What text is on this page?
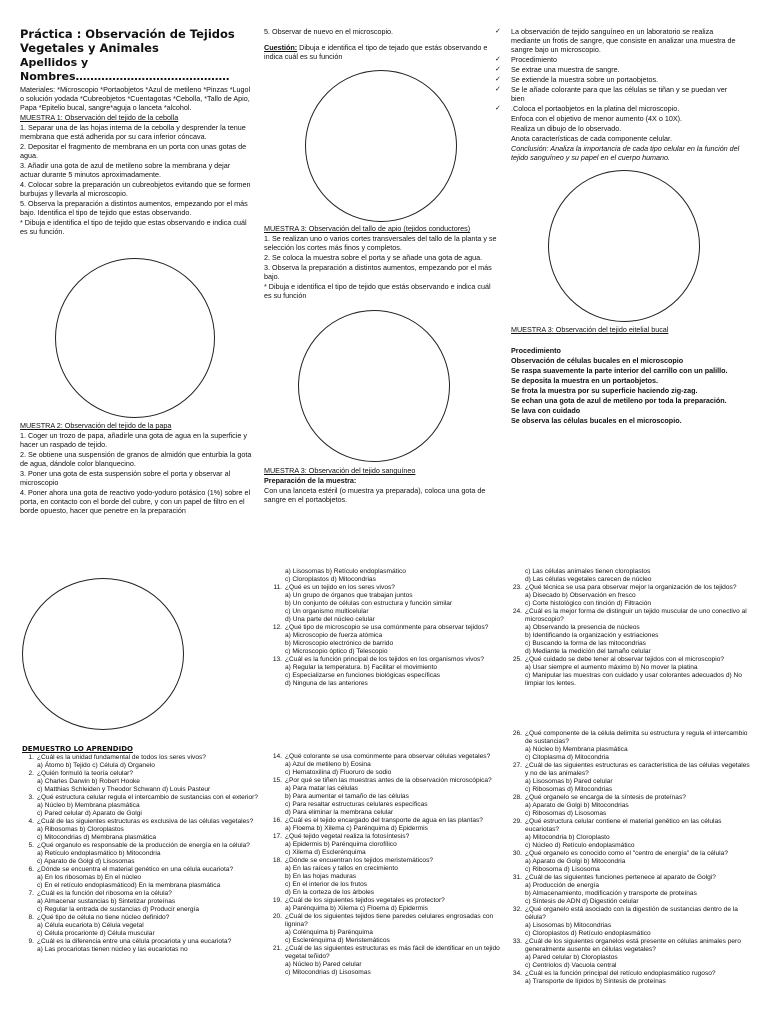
Práctica : Observación de Tejidos Vegetales y Animales

Apellidos y Nombres……………………………………

Materiales: *Microscopio *Portaobjetos *Azul de metileno *Pinzas *Lugol o solución yodada *Cubreobjetos *Cuentagotas *Cebolla, *Tallo de Apio, Papa *Epitelio bucal, sangre*aguja o lanceta *alcohol.

MUESTRA 1: Observación del tejido de la cebolla

1. Separar una de las hojas interna de la cebolla y desprender la tenue membrana que está adherida por su cara inferior cóncava.

2. Depositar el fragmento de membrana en un porta con unas gotas de agua.

3. Añadir una gota de azul de metileno sobre la membrana y dejar actuar durante 5 minutos aproximadamente.

4. Colocar sobre la preparación un cubreobjetos evitando que se formen burbujas y llevarla al microscopio.

5. Observa la preparación a distintos aumentos, empezando por el más bajo. Identifica el tipo de tejido que estas observando.

* Dibuja e identifica el tipo de tejido que estas observando e indica cuál es su función.

MUESTRA 2: Observación del tejido de la papa

1. Coger un trozo de papa, añadirle una gota de agua en la superficie y hacer un raspado de tejido.

2. Se obtiene una suspensión de granos de almidón que enturbia la gota de agua, dándole color blanquecino.

3. Poner una gota de esta suspensión sobre el porta y observar al microscopio

4. Poner ahora una gota de reactivo yodo-yoduro potásico (1%) sobre el porta, en contacto con el borde del cubre, y con un papel de filtro en el borde opuesto, hacer que penetre en la preparación

5. Observar de nuevo en el microscopio.

Cuestión: Dibuja e identifica el tipo de tejado que estás observando e indica cuál es su función

MUESTRA 3: Observación del tallo de apio (tejidos conductores)

1. Se realizan uno o varios cortes transversales del tallo de la planta y se selección los cortes más finos y completos.

2. Se coloca la muestra sobre el porta y se añade una gota de agua.

3. Observa la preparación a distintos aumentos, empezando por el más bajo.

* Dibuja e identifica el tipo de tejido que estás observando e indica cuál es su función

MUESTRA 3: Observación del tejido sanguíneo

Preparación de la muestra:

Con una lanceta estéril (o muestra ya preparada), coloca una gota de sangre en el portaobjetos.

✓ La observación de tejido sanguíneo en un laboratorio se realiza mediante un frotis de sangre, que consiste en analizar una muestra de sangre bajo un microscopio.

✓ Procedimiento

✓ Se extrae una muestra de sangre.

✓ Se extiende la muestra sobre un portaobjetos.

✓ Se le añade colorante para que las células se tiñan y se puedan ver bien

✓ .Coloca el portaobjetos en la platina del microscopio.

Enfoca con el objetivo de menor aumento (4X o 10X).

Realiza un dibujo de lo observado.

Anota características de cada componente celular.

Conclusión: Analiza la importancia de cada tipo celular en la función del tejido sanguíneo y su papel en el cuerpo humano.

MUESTRA 3: Observación del tejido eitelial bucal

Procedimiento

Observación de células bucales en el microscopio

Se raspa suavemente la parte interior del carrillo con un palillo.

Se deposita la muestra en un portaobjetos.

Se frota la muestra por su superficie haciendo zig-zag.

Se echan una gota de azul de metileno por toda la preparación.

Se lava con cuidado

Se observa las células bucales en el microscopio.

DEMUESTRO LO APRENDIDO

1. ¿Cuál es la unidad fundamental de todos los seres vivos?

a) Átomo b) Tejido c) Célula d) Organelo

2. ¿Quién formuló la teoría celular?

a) Charles Darwin b) Robert Hooke

c) Matthias Schleiden y Theodor Schwann d) Louis Pasteur

3. ¿Qué estructura celular regula el intercambio de sustancias con el exterior?

a) Núcleo b) Membrana plasmática

c) Pared celular d) Aparato de Golgi

4. ¿Cuál de las siguientes estructuras es exclusiva de las células vegetales?

a) Ribosomas b) Cloroplastos

c) Mitocondrias d) Membrana plasmática

5. ¿Qué organulo es responsable de la producción de energía en la célula?

a) Retículo endoplasmático b) Mitocondria

c) Aparato de Golgi d) Lisosomas

6. ¿Dónde se encuentra el material genético en una célula eucariota?

a) En los ribosomas b) En el núcleo

c) En el retículo endoplasmáticod) En la membrana plasmática

7. ¿Cuál es la función del ribosoma en la célula?

a) Almacenar sustancias b) Sintetizar proteínas

c) Regular la entrada de sustancias d) Producir energía

8. ¿Qué tipo de célula no tiene núcleo definido?

a) Célula eucariota b) Célula vegetal

c) Célula procarionte d) Célula muscular

9. ¿Cuál es la diferencia entre una célula procariota y una eucariota?

a) Las procariotas tienen núcleo y las eucariotas no

a) Lisosomas b) Retículo endoplasmático

c) Cloroplastos d) Mitocondrias

11. ¿Qué es un tejido en los seres vivos?

a) Un grupo de órganos que trabajan juntos

b) Un conjunto de células con estructura y función similar

c) Un organismo multicelular

d) Una parte del núcleo celular

12. ¿Qué tipo de microscopio se usa comúnmente para observar tejidos?

a) Microscopio de fuerza atómica

b) Microscopio electrónico de barrido

c) Microscopio óptico d) Telescopio

13. ¿Cuál es la función principal de los tejidos en los organismos vivos?

a) Regular la temperatura. b) Facilitar el movimiento

c) Especializarse en funciones biológicas específicas

d) Ninguna de las anteriores

14. ¿Qué colorante se usa comúnmente para observar células vegetales?

a) Azul de metileno b) Eosina

c) Hematoxilina d) Fluoruro de sodio

15. ¿Por qué se tiñen las muestras antes de la observación microscópica?

a) Para matar las células

b) Para aumentar el tamaño de las células

c) Para resaltar estructuras celulares específicas

d) Para eliminar la membrana celular

16. ¿Cuál es el tejido encargado del transporte de agua en las plantas?

a) Floema b) Xilema c) Parénquima d) Epidermis

17. ¿Qué tejido vegetal realiza la fotosíntesis?

a) Epidermis b) Parénquima clorofílico

c) Xilema d) Esclerénquima

18. ¿Dónde se encuentran los tejidos meristemáticos?

a) En las raíces y tallos en crecimiento

b) En las hojas maduras

c) En el interior de los frutos

d) En la corteza de los árboles

19. ¿Cuál de los siguientes tejidos vegetales es protector?

a) Parénquima b) Xilema c) Floema d) Epidermis

20. ¿Cuál de los siguientes tejidos tiene paredes celulares engrosadas con lignina?

a) Colénquima b) Parénquima

c) Esclerénquima d) Meristemáticos

21. ¿Cuál de las siguientes estructuras es más fácil de identificar en un tejido vegetal teñido?

a) Núcleo b) Pared celular

c) Mitocondrias d) Lisosomas

c) Las células animales tienen cloroplastos

d) Las células vegetales carecen de núcleo

23. ¿Qué técnica se usa para observar mejor la organización de los tejidos?

a) Disecado b) Observación en fresco

c) Corte histológico con tinción d) Filtración

24. ¿Cuál es la mejor forma de distinguir un tejido muscular de uno conectivo al microscopio?

a) Observando la presencia de núcleos

b) Identificando la organización y estriaciones

c) Buscando la forma de las mitocondrias

d) Mediante la medición del tamaño celular

25. ¿Qué cuidado se debe tener al observar tejidos con el microscopio?

a) Usar siempre el aumento máximo b) No mover la platina

c) Manipular las muestras con cuidado y usar colorantes adecuados d) No limpiar los lentes.

26. ¿Qué componente de la célula delimita su estructura y regula el intercambio de sustancias?

a) Núcleo b) Membrana plasmática

c) Citoplasma d) Mitocondria

27. ¿Cuál de las siguientes estructuras es característica de las células vegetales y no de las animales?

a) Lisosomas b) Pared celular

c) Ribosomas d) Mitocondrias

28. ¿Qué organelo se encarga de la síntesis de proteínas?

a) Aparato de Golgi b) Mitocondrias

c) Ribosomas d) Lisosomas

29. ¿Qué estructura celular contiene el material genético en las células eucariotas?

a) Mitocondria b) Cloroplasto

c) Núcleo d) Retículo endoplasmático

30. ¿Qué organelo es conocido como el "centro de energía" de la célula?

a) Aparato de Golgi b) Mitocondria

c) Ribosoma d) Lisosoma

31. ¿Cuál de las siguientes funciones pertenece al aparato de Golgi?

a) Producción de energía

b) Almacenamiento, modificación y transporte de proteínas

c) Síntesis de ADN d) Digestión celular

32. ¿Qué organelo está asociado con la digestión de sustancias dentro de la célula?

a) Lisosomas b) Mitocondrias

c) Cloroplastos d) Retículo endoplasmático

33. ¿Cuál de los siguientes organelos está presente en células animales pero generalmente ausente en células vegetales?

a) Pared celular b) Cloroplastos

c) Centriolos d) Vacuola central

34. ¿Cuál es la función principal del retículo endoplasmático rugoso?

a) Transporte de lípidos b) Síntesis de proteínas
